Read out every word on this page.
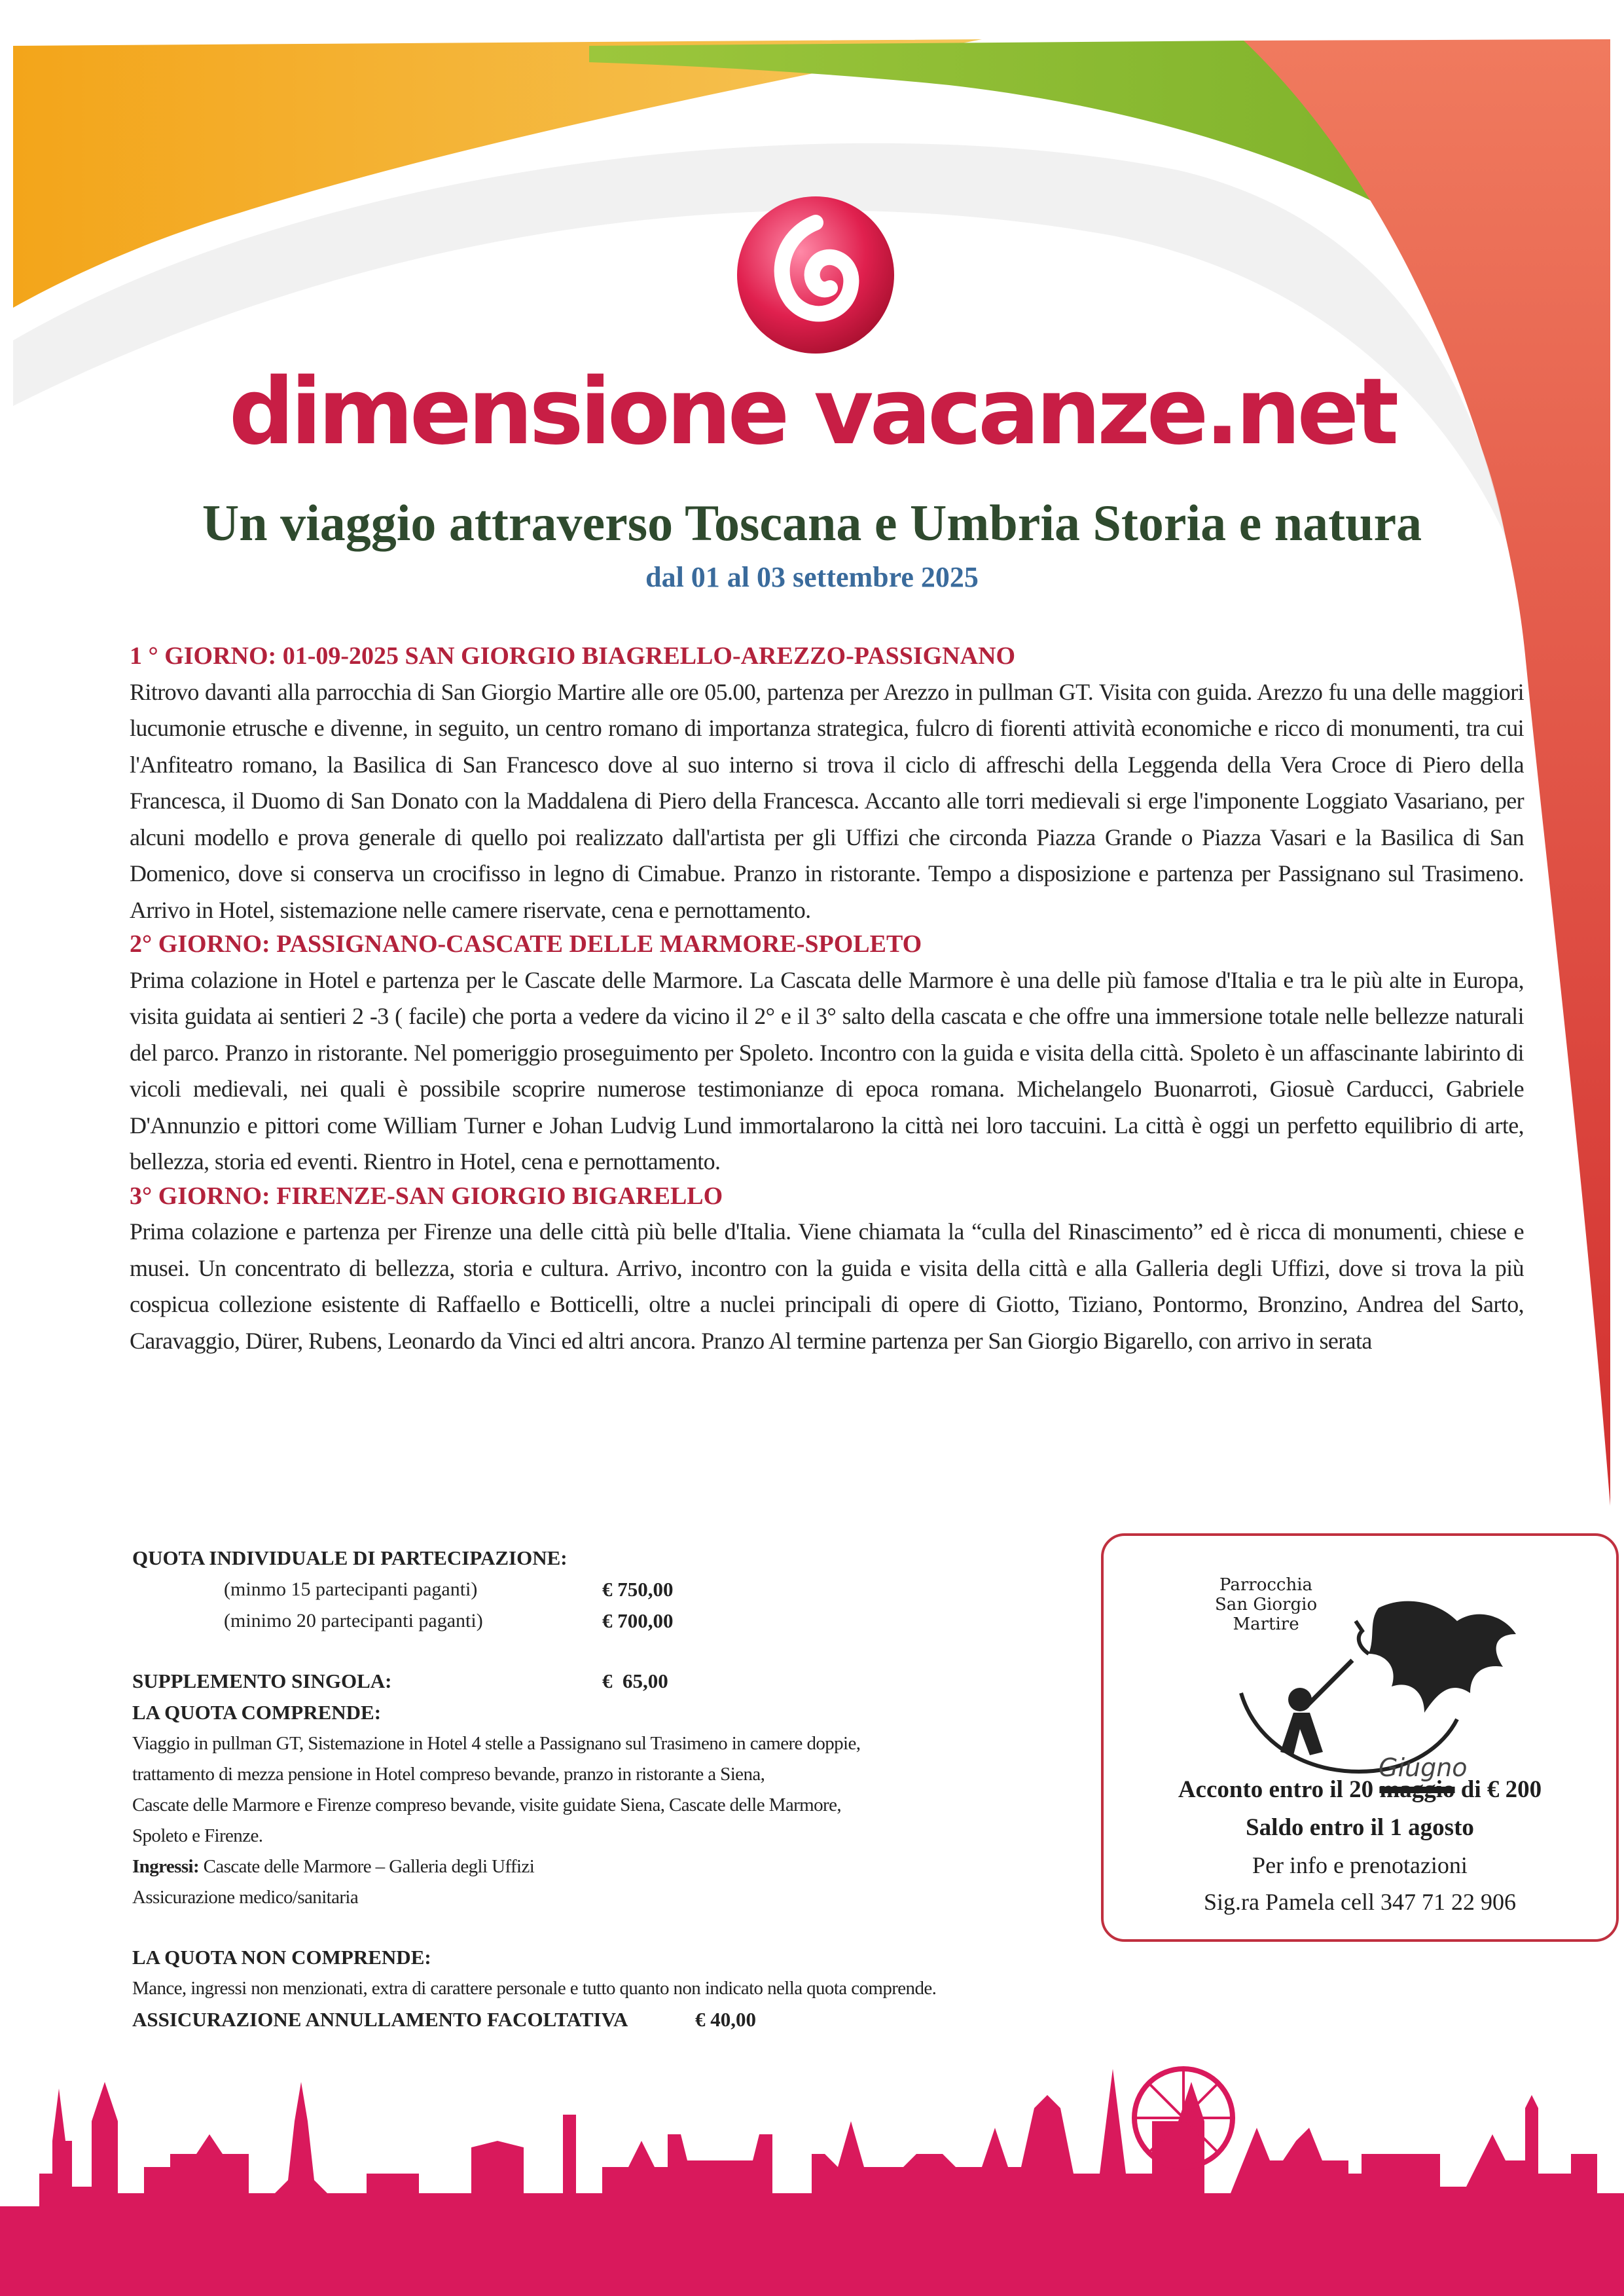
dimensione vacanze.net
Un viaggio attraverso Toscana e Umbria Storia e natura
dal 01 al 03 settembre 2025
1 ° GIORNO: 01-09-2025 SAN GIORGIO BIAGRELLO-AREZZO-PASSIGNANO

Ritrovo davanti alla parrocchia di San Giorgio Martire alle ore 05.00, partenza per Arezzo in pullman GT. Visita con guida. Arezzo fu una delle maggiori lucumonie etrusche e divenne, in seguito, un centro romano di importanza strategica, fulcro di fiorenti attività economiche e ricco di monumenti, tra cui l'Anfiteatro romano, la Basilica di San Francesco dove al suo interno si trova il ciclo di affreschi della Leggenda della Vera Croce di Piero della Francesca, il Duomo di San Donato con la Maddalena di Piero della Francesca. Accanto alle torri medievali si erge l'imponente Loggiato Vasariano, per alcuni modello e prova generale di quello poi realizzato dall'artista per gli Uffizi che circonda Piazza Grande o Piazza Vasari e la Basilica di San Domenico, dove si conserva un crocifisso in legno di Cimabue. Pranzo in ristorante. Tempo a disposizione e partenza per Passignano sul Trasimeno. Arrivo in Hotel, sistemazione nelle camere riservate, cena e pernottamento.

2° GIORNO: PASSIGNANO-CASCATE DELLE MARMORE-SPOLETO

Prima colazione in Hotel e partenza per le Cascate delle Marmore. La Cascata delle Marmore è una delle più famose d'Italia e tra le più alte in Europa, visita guidata ai sentieri 2 -3 ( facile) che porta a vedere da vicino il 2° e il 3° salto della cascata e che offre una immersione totale nelle bellezze naturali del parco. Pranzo in ristorante. Nel pomeriggio proseguimento per Spoleto. Incontro con la guida e visita della città. Spoleto è un affascinante labirinto di vicoli medievali, nei quali è possibile scoprire numerose testimonianze di epoca romana. Michelangelo Buonarroti, Giosuè Carducci, Gabriele D'Annunzio e pittori come William Turner e Johan Ludvig Lund immortalarono la città nei loro taccuini. La città è oggi un perfetto equilibrio di arte, bellezza, storia ed eventi. Rientro in Hotel, cena e pernottamento.

3° GIORNO: FIRENZE-SAN GIORGIO BIGARELLO

Prima colazione e partenza per Firenze una delle città più belle d'Italia. Viene chiamata la “culla del Rinascimento” ed è ricca di monumenti, chiese e musei. Un concentrato di bellezza, storia e cultura. Arrivo, incontro con la guida e visita della città e alla Galleria degli Uffizi, dove si trova la più cospicua collezione esistente di Raffaello e Botticelli, oltre a nuclei principali di opere di Giotto, Tiziano, Pontormo, Bronzino, Andrea del Sarto, Caravaggio, Dürer, Rubens, Leonardo da Vinci ed altri ancora. Pranzo Al termine partenza per San Giorgio Bigarello, con arrivo in serata

QUOTA INDIVIDUALE DI PARTECIPAZIONE:
(minmo 15 partecipanti paganti)	€ 750,00
(minimo 20 partecipanti paganti)	€ 700,00
SUPPLEMENTO SINGOLA:	€  65,00
LA QUOTA COMPRENDE:
Viaggio in pullman GT, Sistemazione in Hotel 4 stelle a Passignano sul Trasimeno in camere doppie,
trattamento di mezza pensione in Hotel compreso bevande, pranzo in ristorante a Siena,
Cascate delle Marmore e Firenze compreso bevande, visite guidate Siena, Cascate delle Marmore,
Spoleto e Firenze.
Ingressi: Cascate delle Marmore – Galleria degli Uffizi
Assicurazione medico/sanitaria
LA QUOTA NON COMPRENDE:
Mance, ingressi non menzionati, extra di carattere personale e tutto quanto non indicato nella quota comprende.
ASSICURAZIONE ANNULLAMENTO FACOLTATIVA	€ 40,00
Parrocchia
San Giorgio
Martire
Giugno
Acconto entro il 20 maggio di € 200
Saldo entro il 1 agosto
Per info e prenotazioni
Sig.ra Pamela cell 347 71 22 906
